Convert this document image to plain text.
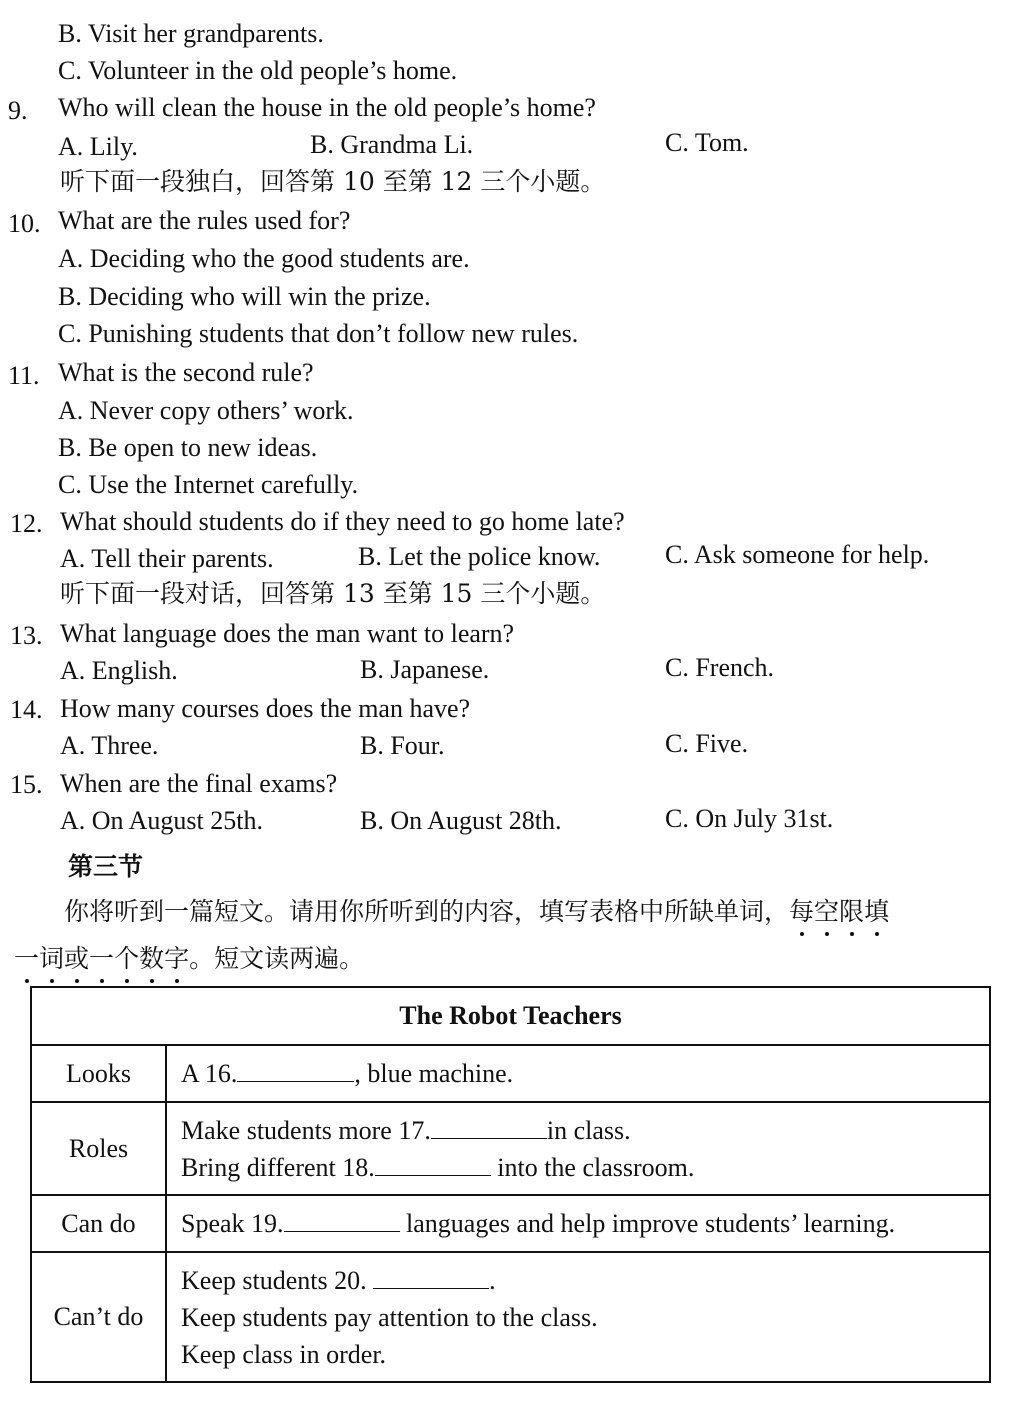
B. Visit her grandparents.
C. Volunteer in the old people’s home.
9. Who will clean the house in the old people’s home?
A. Lily.	B. Grandma Li.	C. Tom.
听下面一段独白，回答第 10 至第 12 三个小题。
10. What are the rules used for?
A. Deciding who the good students are.
B. Deciding who will win the prize.
C. Punishing students that don’t follow new rules.
11. What is the second rule?
A. Never copy others’ work.
B. Be open to new ideas.
C. Use the Internet carefully.
12. What should students do if they need to go home late?
A. Tell their parents.	B. Let the police know. C. Ask someone for help.
听下面一段对话，回答第 13 至第 15 三个小题。
13. What language does the man want to learn?
A. English.	B. Japanese.	C. French.
14. How many courses does the man have?
A. Three.	B. Four.	C. Five.
15. When are the final exams?
A. On August 25th.	B. On August 28th.	C. On July 31st.
第三节
你将听到一篇短文。请用你所听到的内容，填写表格中所缺单词，每空限填
一词或一个数字。短文读两遍。
The Robot Teachers	
Looks	A 16. , blue machine.

Roles	Make students more 17. in class.
Bring different 18. into the classroom.

Can do	Speak 19. languages and help improve students’ learning.

Can’t do	Keep students 20. .
Keep students pay attention to the class.
Keep class in order.
